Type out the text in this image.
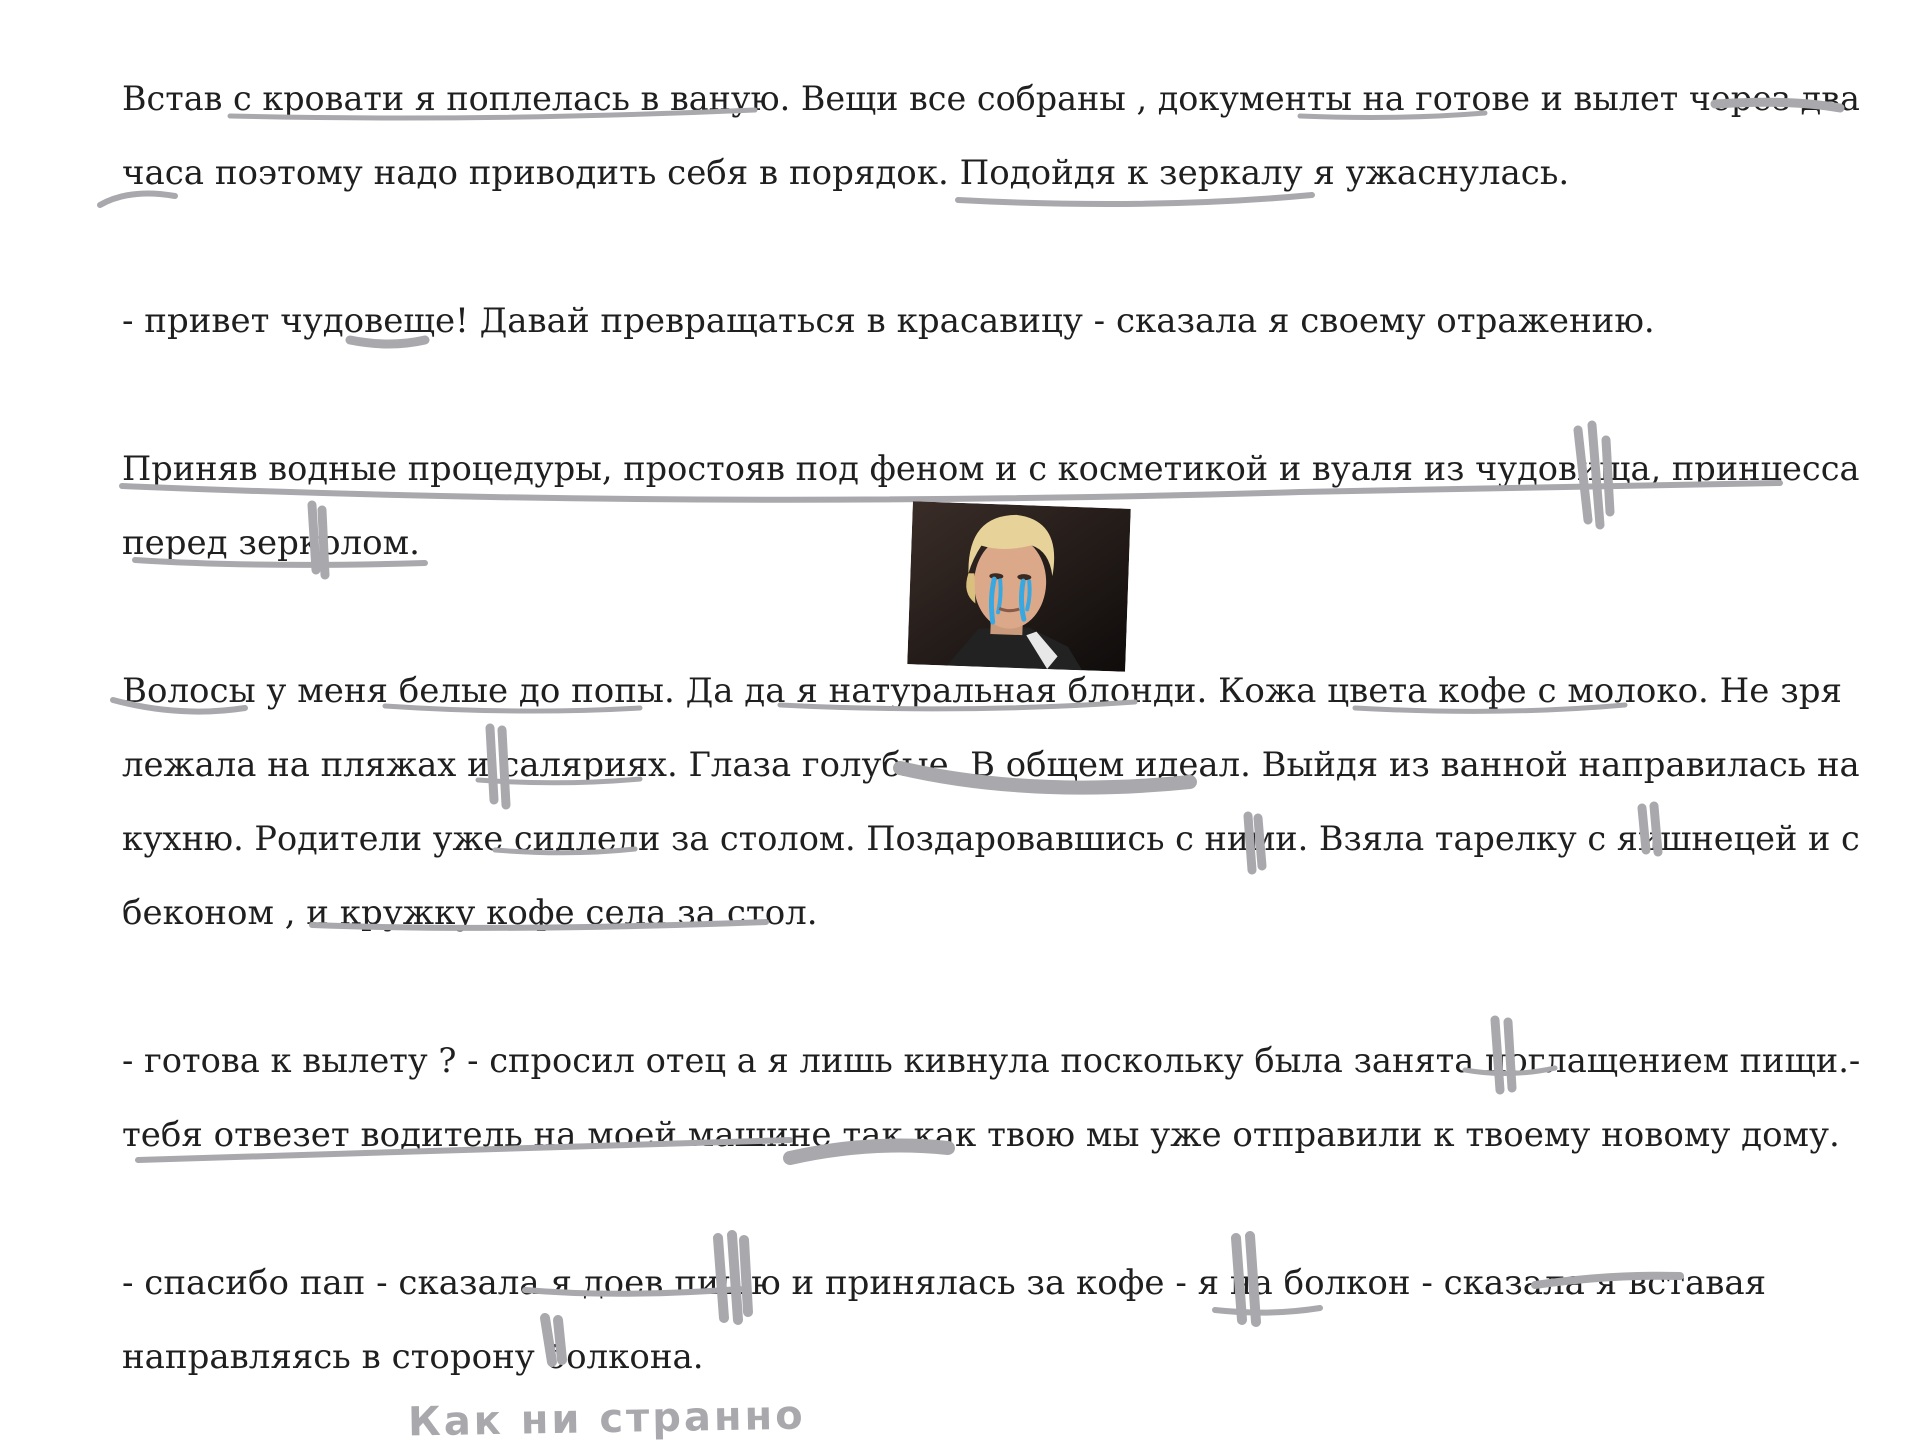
Встав с кровати я поплелась в ваную. Вещи все собраны , документы на готове и вылет через два
часа поэтому надо приводить себя в порядок. Подойдя к зеркалу я ужаснулась.
- привет чудовеще! Давай превращаться в красавицу - сказала я своему отражению.
Приняв водные процедуры, простояв под феном и с косметикой и вуаля из чудовища, принцесса
перед зерколом.
Волосы у меня белые до попы. Да да я натуральная блонди. Кожа цвета кофе с молоко. Не зря
лежала на пляжах и саляриях. Глаза голубые. В общем идеал. Выйдя из ванной направилась на
кухню. Родители уже сидлели за столом. Поздаровавшись с ними. Взяла тарелку с яишнецей и с
беконом , и кружку кофе села за стол.
- готова к вылету ? - спросил отец а я лишь кивнула поскольку была занята поглащением пищи.-
тебя отвезет водитель на моей машине так как твою мы уже отправили к твоему новому дому.
- спасибо пап - сказала я доев пищю и принялась за кофе - я на болкон - сказала я вставая
направляясь в сторону болкона.
Как ни странно
